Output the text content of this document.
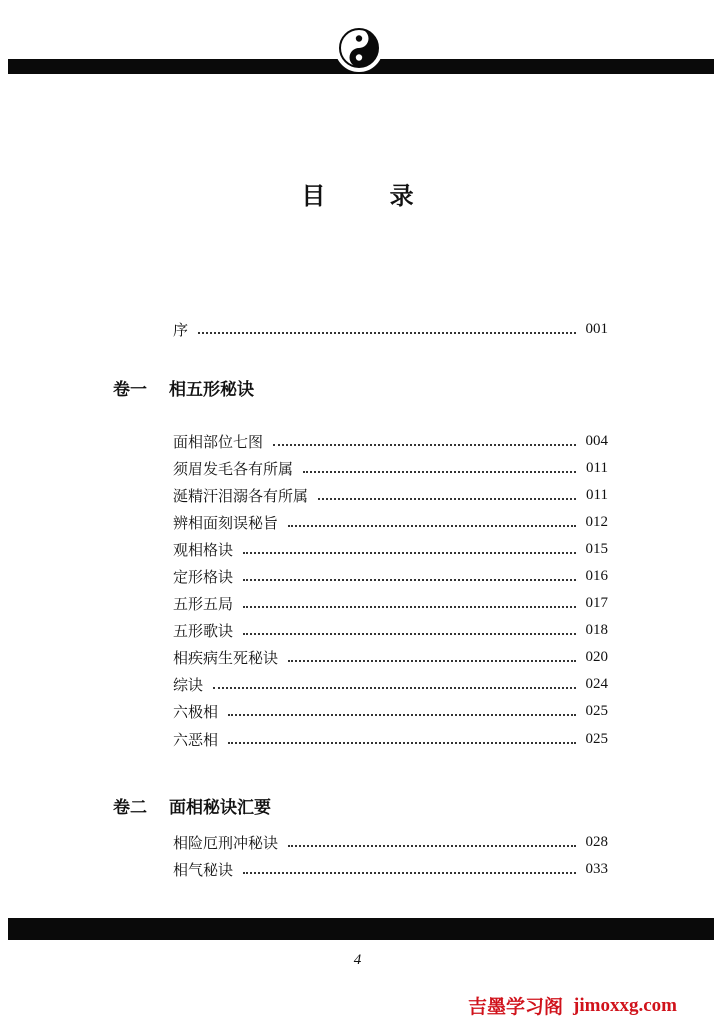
目 录
序	001
卷一 相五形秘诀
面相部位七图	004
须眉发毛各有所属	011
涎精汗泪溺各有所属	011
辨相面刻误秘旨	012
观相格诀	015
定形格诀	016
五形五局	017
五形歌诀	018
相疾病生死秘诀	020
综诀	024
六极相	025
六恶相	025
卷二 面相秘诀汇要
相险厄刑冲秘诀	028
相气秘诀	033
4
吉墨学习阁 jimoxxg.com
